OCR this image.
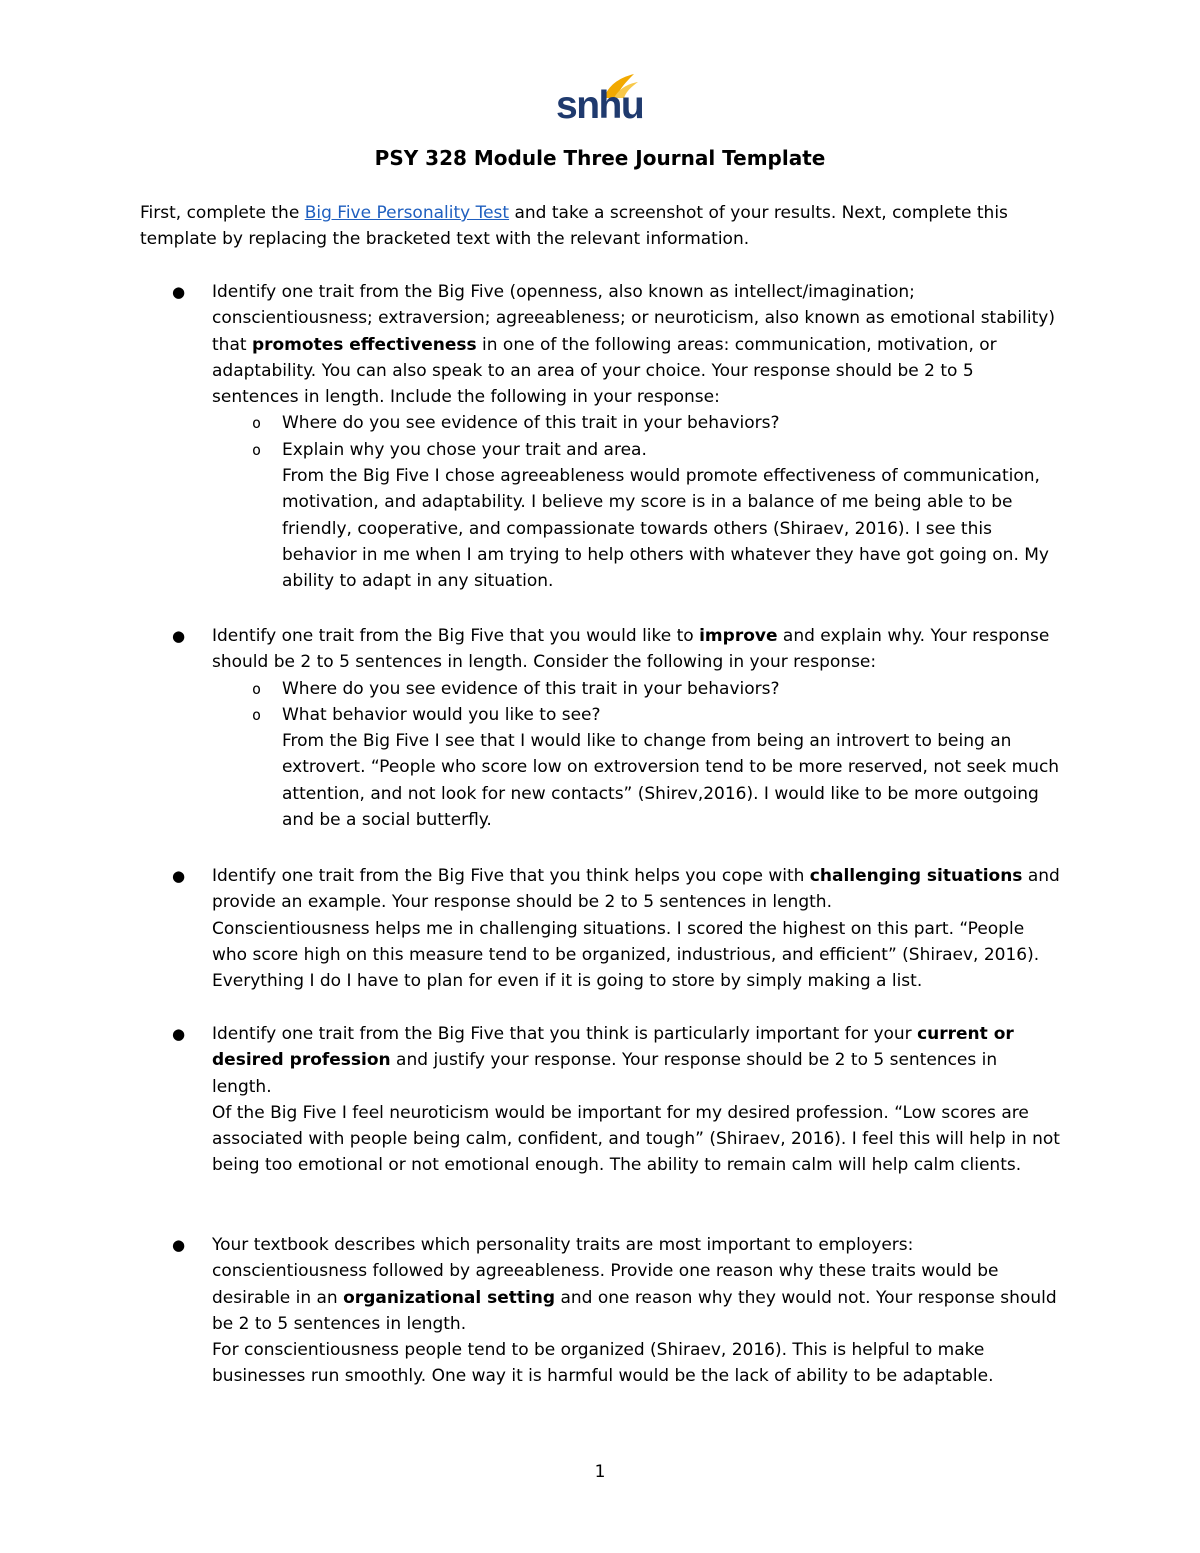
snhu
PSY 328 Module Three Journal Template

First, complete the Big Five Personality Test and take a screenshot of your results. Next, complete this template by replacing the bracketed text with the relevant information.

● Identify one trait from the Big Five (openness, also known as intellect/imagination; conscientiousness; extraversion; agreeableness; or neuroticism, also known as emotional stability) that promotes effectiveness in one of the following areas: communication, motivation, or adaptability. You can also speak to an area of your choice. Your response should be 2 to 5 sentences in length. Include the following in your response:
o Where do you see evidence of this trait in your behaviors?
o Explain why you chose your trait and area.
From the Big Five I chose agreeableness would promote effectiveness of communication, motivation, and adaptability. I believe my score is in a balance of me being able to be friendly, cooperative, and compassionate towards others (Shiraev, 2016). I see this behavior in me when I am trying to help others with whatever they have got going on. My ability to adapt in any situation.
● Identify one trait from the Big Five that you would like to improve and explain why. Your response should be 2 to 5 sentences in length. Consider the following in your response:
o Where do you see evidence of this trait in your behaviors?
o What behavior would you like to see?
From the Big Five I see that I would like to change from being an introvert to being an extrovert. “People who score low on extroversion tend to be more reserved, not seek much attention, and not look for new contacts” (Shirev,2016). I would like to be more outgoing and be a social butterfly.
● Identify one trait from the Big Five that you think helps you cope with challenging situations and provide an example. Your response should be 2 to 5 sentences in length.
Conscientiousness helps me in challenging situations. I scored the highest on this part. “People who score high on this measure tend to be organized, industrious, and efficient” (Shiraev, 2016). Everything I do I have to plan for even if it is going to store by simply making a list.
● Identify one trait from the Big Five that you think is particularly important for your current or desired profession and justify your response. Your response should be 2 to 5 sentences in length.
Of the Big Five I feel neuroticism would be important for my desired profession. “Low scores are associated with people being calm, confident, and tough” (Shiraev, 2016). I feel this will help in not being too emotional or not emotional enough. The ability to remain calm will help calm clients.
● Your textbook describes which personality traits are most important to employers: conscientiousness followed by agreeableness. Provide one reason why these traits would be desirable in an organizational setting and one reason why they would not. Your response should be 2 to 5 sentences in length.
For conscientiousness people tend to be organized (Shiraev, 2016). This is helpful to make businesses run smoothly. One way it is harmful would be the lack of ability to be adaptable.
1
